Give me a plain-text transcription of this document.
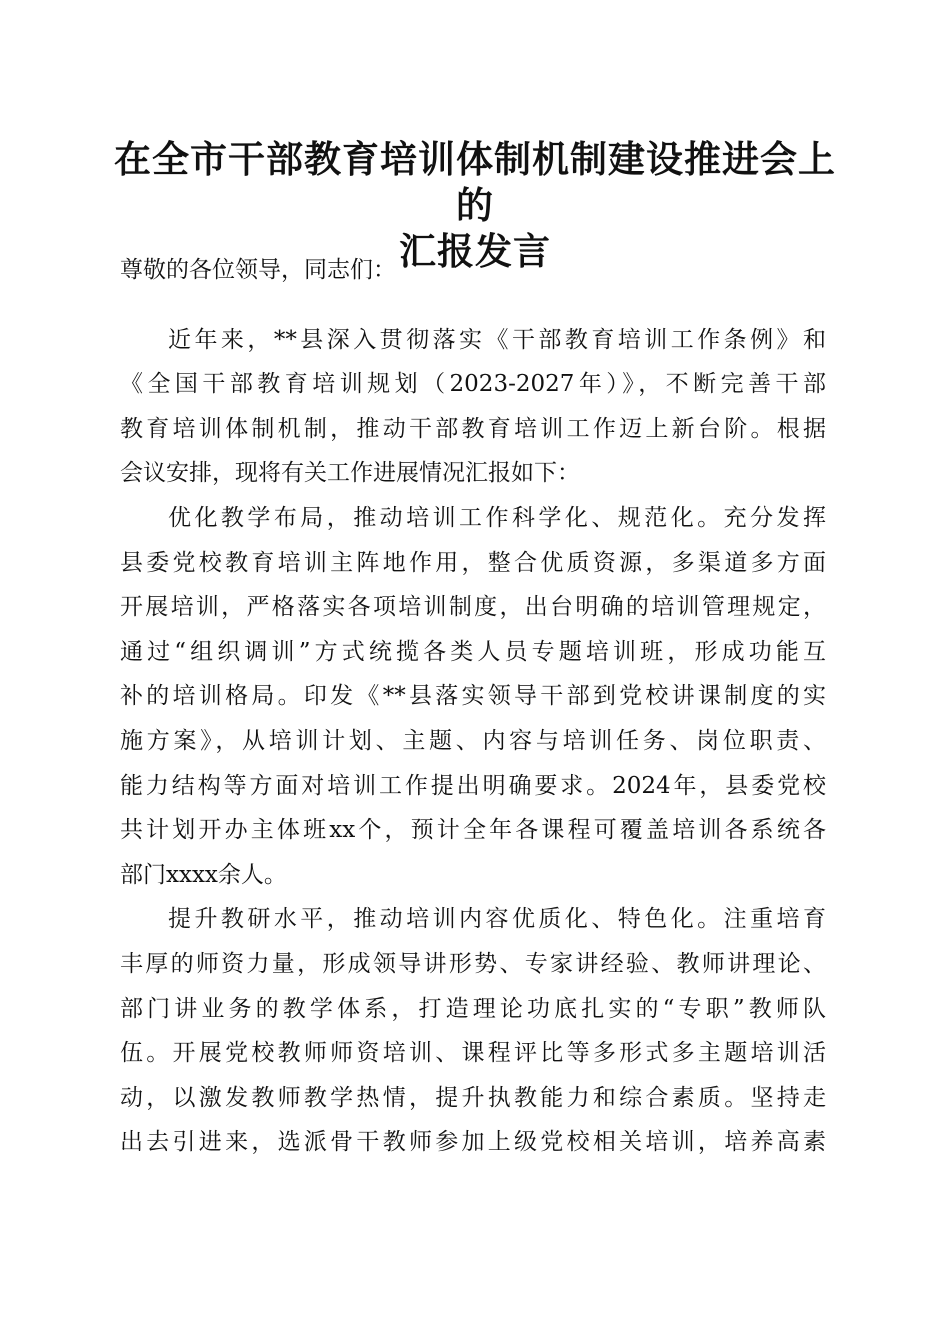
在全市干部教育培训体制机制建设推进会上的
汇报发言
尊敬的各位领导，同志们：
近年来，**县深入贯彻落实《干部教育培训工作条例》和
《全国干部教育培训规划（2023-2027年）》，不断完善干部
教育培训体制机制，推动干部教育培训工作迈上新台阶。根据
会议安排，现将有关工作进展情况汇报如下：
优化教学布局，推动培训工作科学化、规范化。充分发挥
县委党校教育培训主阵地作用，整合优质资源，多渠道多方面
开展培训，严格落实各项培训制度，出台明确的培训管理规定，
通过“组织调训”方式统揽各类人员专题培训班，形成功能互
补的培训格局。印发《**县落实领导干部到党校讲课制度的实
施方案》，从培训计划、主题、内容与培训任务、岗位职责、
能力结构等方面对培训工作提出明确要求。2024年，县委党校
共计划开办主体班xx个，预计全年各课程可覆盖培训各系统各
部门xxxx余人。
提升教研水平，推动培训内容优质化、特色化。注重培育
丰厚的师资力量，形成领导讲形势、专家讲经验、教师讲理论、
部门讲业务的教学体系，打造理论功底扎实的“专职”教师队
伍。开展党校教师师资培训、课程评比等多形式多主题培训活
动，以激发教师教学热情，提升执教能力和综合素质。坚持走
出去引进来，选派骨干教师参加上级党校相关培训，培养高素
